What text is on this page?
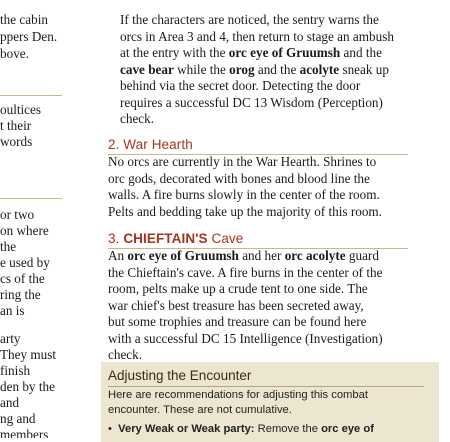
the cabin
ppers Den.
bove.
oultices
t their
words
or two
on where
the
e used by
cs of the
ring the
an is
arty
They must
finish
den by the
and
ng and
members
If the characters are noticed, the sentry warns the
orcs in Area 3 and 4, then return to stage an ambush
at the entry with the orc eye of Gruumsh and the
cave bear while the orog and the acolyte sneak up
behind via the secret door. Detecting the door
requires a successful DC 13 Wisdom (Perception)
check.
2. War Hearth
No orcs are currently in the War Hearth. Shrines to
orc gods, decorated with bones and blood line the
walls. A fire burns slowly in the center of the room.
Pelts and bedding take up the majority of this room.
3. CHIEFTAIN'S Cave
An orc eye of Gruumsh and her orc acolyte guard
the Chieftain's cave. A fire burns in the center of the
room, pelts make up a crude tent to one side. The
war chief's best treasure has been secreted away,
but some trophies and treasure can be found here
with a successful DC 15 Intelligence (Investigation)
check.
Adjusting the Encounter
Here are recommendations for adjusting this combat
encounter. These are not cumulative.
• Very Weak or Weak party: Remove the orc eye of
